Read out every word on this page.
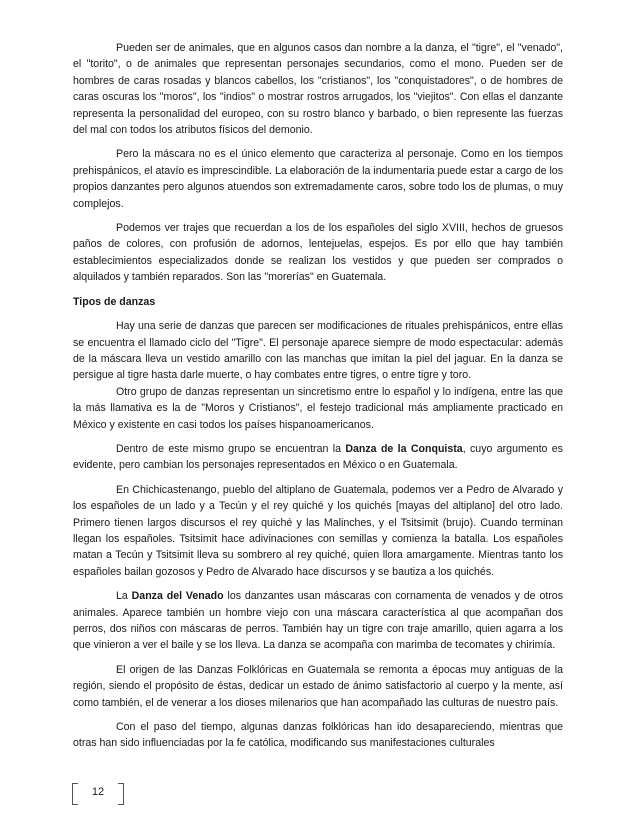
Pueden ser de animales, que en algunos casos dan nombre a la danza, el "tigre", el "venado", el "torito", o de animales que representan personajes secundarios, como el mono. Pueden ser de hombres de caras rosadas y blancos cabellos, los "cristianos", los "conquistadores", o de hombres de caras oscuras los "moros", los "indios" o mostrar rostros arrugados, los "viejitos". Con ellas el danzante representa la personalidad del europeo, con su rostro blanco y barbado, o bien represente las fuerzas del mal con todos los atributos físicos del demonio.

Pero la máscara no es el único elemento que caracteriza al personaje. Como en los tiempos prehispánicos, el atavío es imprescindible. La elaboración de la indumentaria puede estar a cargo de los propios danzantes pero algunos atuendos son extremadamente caros, sobre todo los de plumas, o muy complejos.

Podemos ver trajes que recuerdan a los de los españoles del siglo XVIII, hechos de gruesos paños de colores, con profusión de adornos, lentejuelas, espejos. Es por ello que hay también establecimientos especializados donde se realizan los vestidos y que pueden ser comprados o alquilados y también reparados. Son las "morerías" en Guatemala.

Tipos de danzas

Hay una serie de danzas que parecen ser modificaciones de rituales prehispánicos, entre ellas se encuentra el llamado ciclo del "Tigre". El personaje aparece siempre de modo espectacular: además de la máscara lleva un vestido amarillo con las manchas que imitan la piel del jaguar. En la danza se persigue al tigre hasta darle muerte, o hay combates entre tigres, o entre tigre y toro.

Otro grupo de danzas representan un sincretismo entre lo español y lo indígena, entre las que la más llamativa es la de "Moros y Cristianos", el festejo tradicional más ampliamente practicado en México y existente en casi todos los países hispanoamericanos.

Dentro de este mismo grupo se encuentran la Danza de la Conquista, cuyo argumento es evidente, pero cambian los personajes representados en México o en Guatemala.

En Chichicastenango, pueblo del altiplano de Guatemala, podemos ver a Pedro de Alvarado y los españoles de un lado y a Tecún y el rey quiché y los quichés [mayas del altiplano] del otro lado. Primero tienen largos discursos el rey quiché y las Malinches, y el Tsitsimit (brujo). Cuando terminan llegan los españoles. Tsitsimit hace adivinaciones con semillas y comienza la batalla. Los españoles matan a Tecún y Tsitsimit lleva su sombrero al rey quiché, quien llora amargamente. Mientras tanto los españoles bailan gozosos y Pedro de Alvarado hace discursos y se bautiza a los quichés.

La Danza del Venado los danzantes usan máscaras con cornamenta de venados y de otros animales. Aparece también un hombre viejo con una máscara característica al que acompañan dos perros, dos niños con máscaras de perros. También hay un tigre con traje amarillo, quien agarra a los que vinieron a ver el baile y se los lleva. La danza se acompaña con marimba de tecomates y chirimía.

El origen de las Danzas Folklóricas en Guatemala se remonta a épocas muy antiguas de la región, siendo el propósito de éstas, dedicar un estado de ánimo satisfactorio al cuerpo y la mente, así como también, el de venerar a los dioses milenarios que han acompañado las culturas de nuestro país.

Con el paso del tiempo, algunas danzas folklóricas han ido desapareciendo, mientras que otras han sido influenciadas por la fe católica, modificando sus manifestaciones culturales

12
